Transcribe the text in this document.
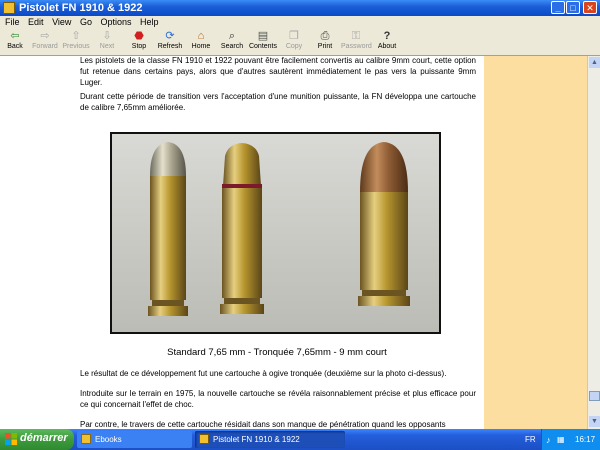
Pistolet FN 1910 & 1922	_	□	✕
File Edit View Go Options Help
⇦
Back
⇨
Forward
⇧
Previous
⇩
Next
⬣
Stop
⟳
Refresh
⌂
Home
⌕
Search
▤
Contents
❐
Copy
⎙
Print
⚿
Password
?
About
Les pistolets de la classe FN 1910 et 1922 pouvant être facilement convertis au calibre 9mm court, cette option fut retenue dans certains pays, alors que d'autres sautèrent immédiatement le pas vers la puissante 9mm Luger.
Durant cette période de transition vers l'acceptation d'une munition puissante, la FN développa une cartouche de calibre 7,65mm améliorée.
Standard 7,65 mm - Tronquée 7,65mm - 9 mm court
Le résultat de ce développement fut une cartouche à ogive tronquée (deuxième sur la photo ci-dessus).
Introduite sur le terrain en 1975, la nouvelle cartouche se révéla raisonnablement précise et plus efficace pour ce qui concernait l'effet de choc.
Par contre, le travers de cette cartouche résidait dans son manque de pénétration quand les opposants
▲
▼
démarrer	Ebooks	Pistolet FN 1910 & 1922	FR ♪ ▦ 16:17
